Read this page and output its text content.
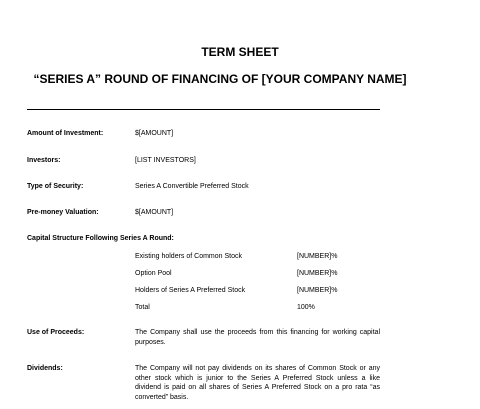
TERM SHEET
“SERIES A” ROUND OF FINANCING OF [YOUR COMPANY NAME]
Amount of Investment:	$[AMOUNT]
Investors:	[LIST INVESTORS]
Type of Security:	Series A Convertible Preferred Stock
Pre-money Valuation:	$[AMOUNT]
Capital Structure Following Series A Round:
Existing holders of Common Stock	[NUMBER]%
Option Pool	[NUMBER]%
Holders of Series A Preferred Stock	[NUMBER]%
Total	100%
Use of Proceeds:	The Company shall use the proceeds from this financing for working capital purposes.
Dividends:	The Company will not pay dividends on its shares of Common Stock or any other stock which is junior to the Series A Preferred Stock unless a like dividend is paid on all shares of Series A Preferred Stock on a pro rata “as converted” basis.
